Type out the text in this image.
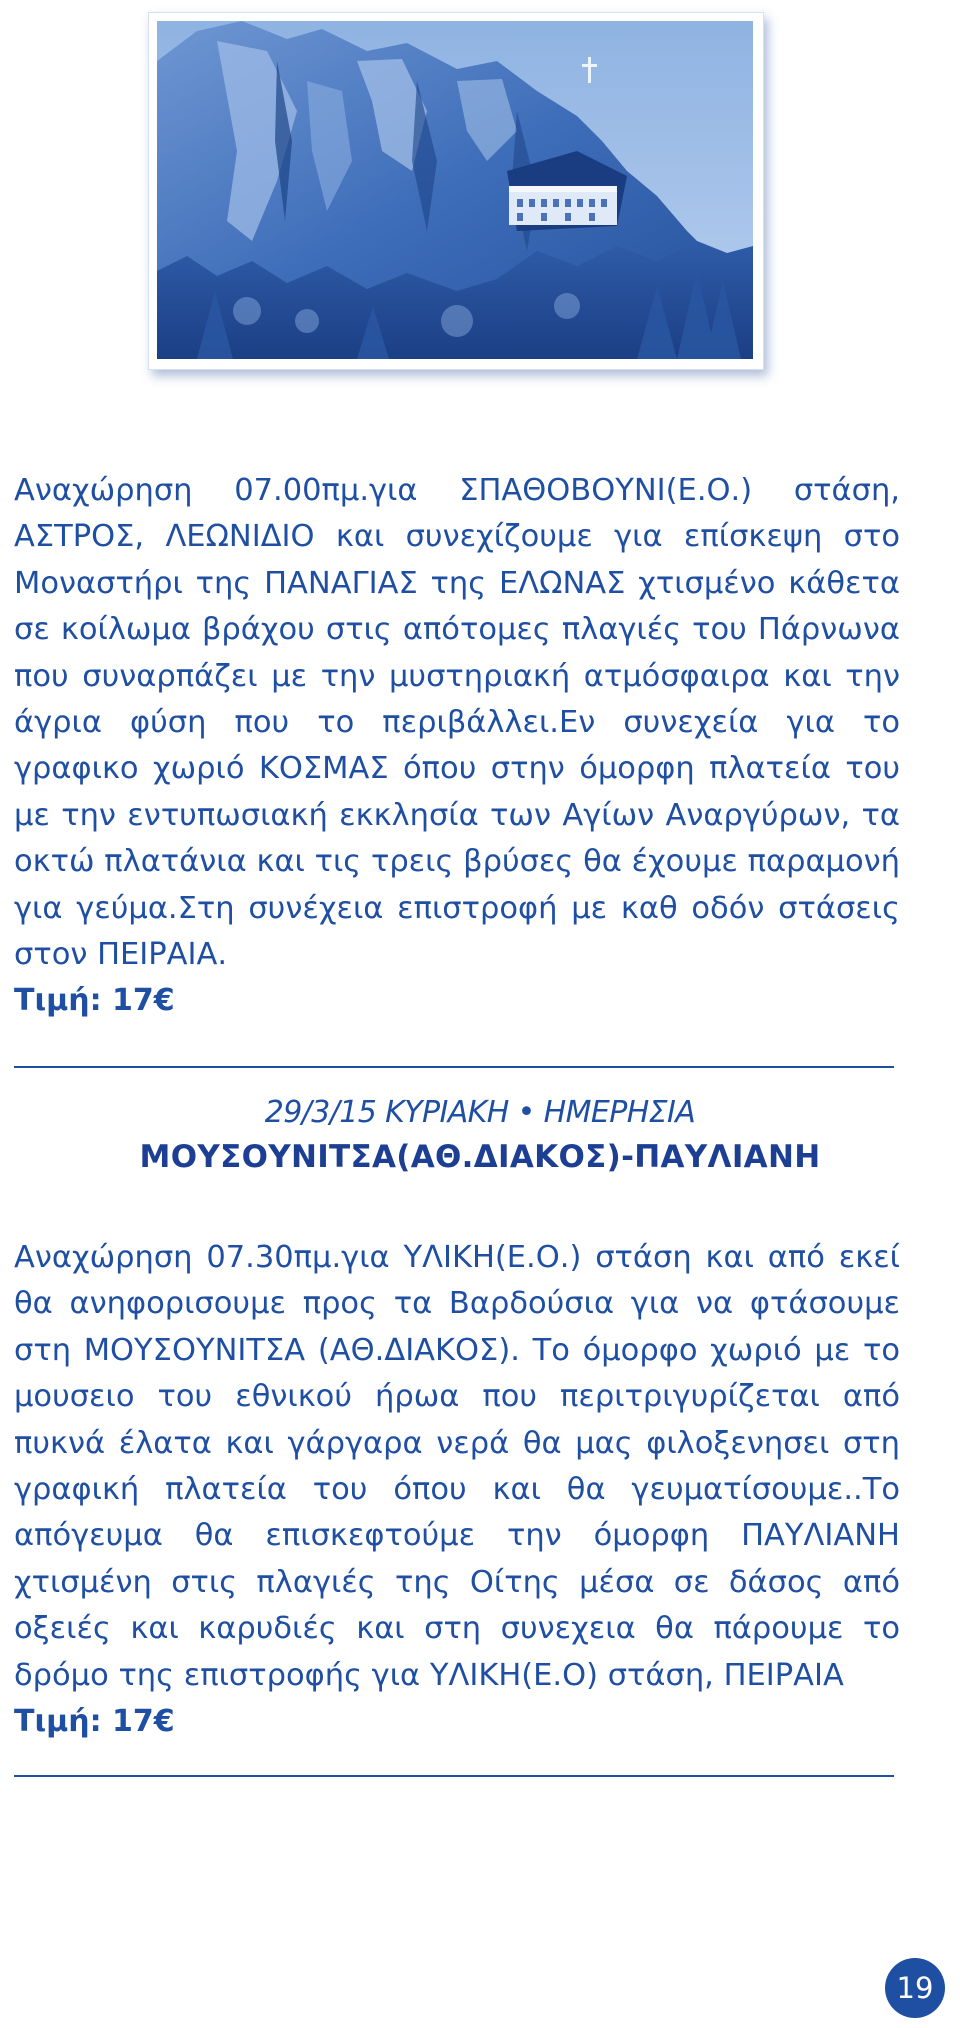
Αναχώρηση 07.00πμ.για ΣΠΑΘΟΒΟΥΝΙ(Ε.Ο.) στάση, ΑΣΤΡΟΣ, ΛΕΩΝΙΔΙΟ και συνεχίζουμε για επίσκεψη στο Μοναστήρι της ΠΑΝΑΓΙΑΣ της ΕΛΩΝΑΣ χτισμένο κάθετα σε κοίλωμα βράχου στις απότομες πλαγιές του Πάρνωνα που συναρπάζει με την μυστηριακή ατμόσφαιρα και την άγρια φύση που το περιβάλλει.Εν συνεχεία για το γραφικο χωριό ΚΟΣΜΑΣ όπου στην όμορφη πλατεία του με την εντυπωσιακή εκκλησία των Αγίων Αναργύρων, τα οκτώ πλατάνια και τις τρεις βρύσες θα έχουμε παραμονή για γεύμα.Στη συνέχεια επιστροφή με καθ οδόν στάσεις στον ΠΕΙΡΑΙΑ.

Τιμή: 17€

29/3/15 ΚΥΡΙΑΚΗ • ΗΜΕΡΗΣΙΑ
ΜΟΥΣΟΥΝΙΤΣΑ(ΑΘ.ΔΙΑΚΟΣ)-ΠΑΥΛΙΑΝΗ

Αναχώρηση 07.30πμ.για ΥΛΙΚΗ(Ε.Ο.) στάση και από εκεί θα ανηφορισουμε προς τα Βαρδούσια για να φτάσουμε στη ΜΟΥΣΟΥΝΙΤΣΑ (ΑΘ.ΔΙΑΚΟΣ). Το όμορφο χωριό με το μουσειο του εθνικού ήρωα που περιτριγυρίζεται από πυκνά έλατα και γάργαρα νερά θα μας φιλοξενησει στη γραφική πλατεία του όπου και θα γευματίσουμε..Το απόγευμα θα επισκεφτούμε την όμορφη ΠΑΥΛΙΑΝΗ χτισμένη στις πλαγιές της Οίτης μέσα σε δάσος από οξειές και καρυδιές και στη συνεχεια θα πάρουμε το δρόμο της επιστροφής για ΥΛΙΚΗ(Ε.Ο) στάση, ΠΕΙΡΑΙΑ

Τιμή: 17€

19
